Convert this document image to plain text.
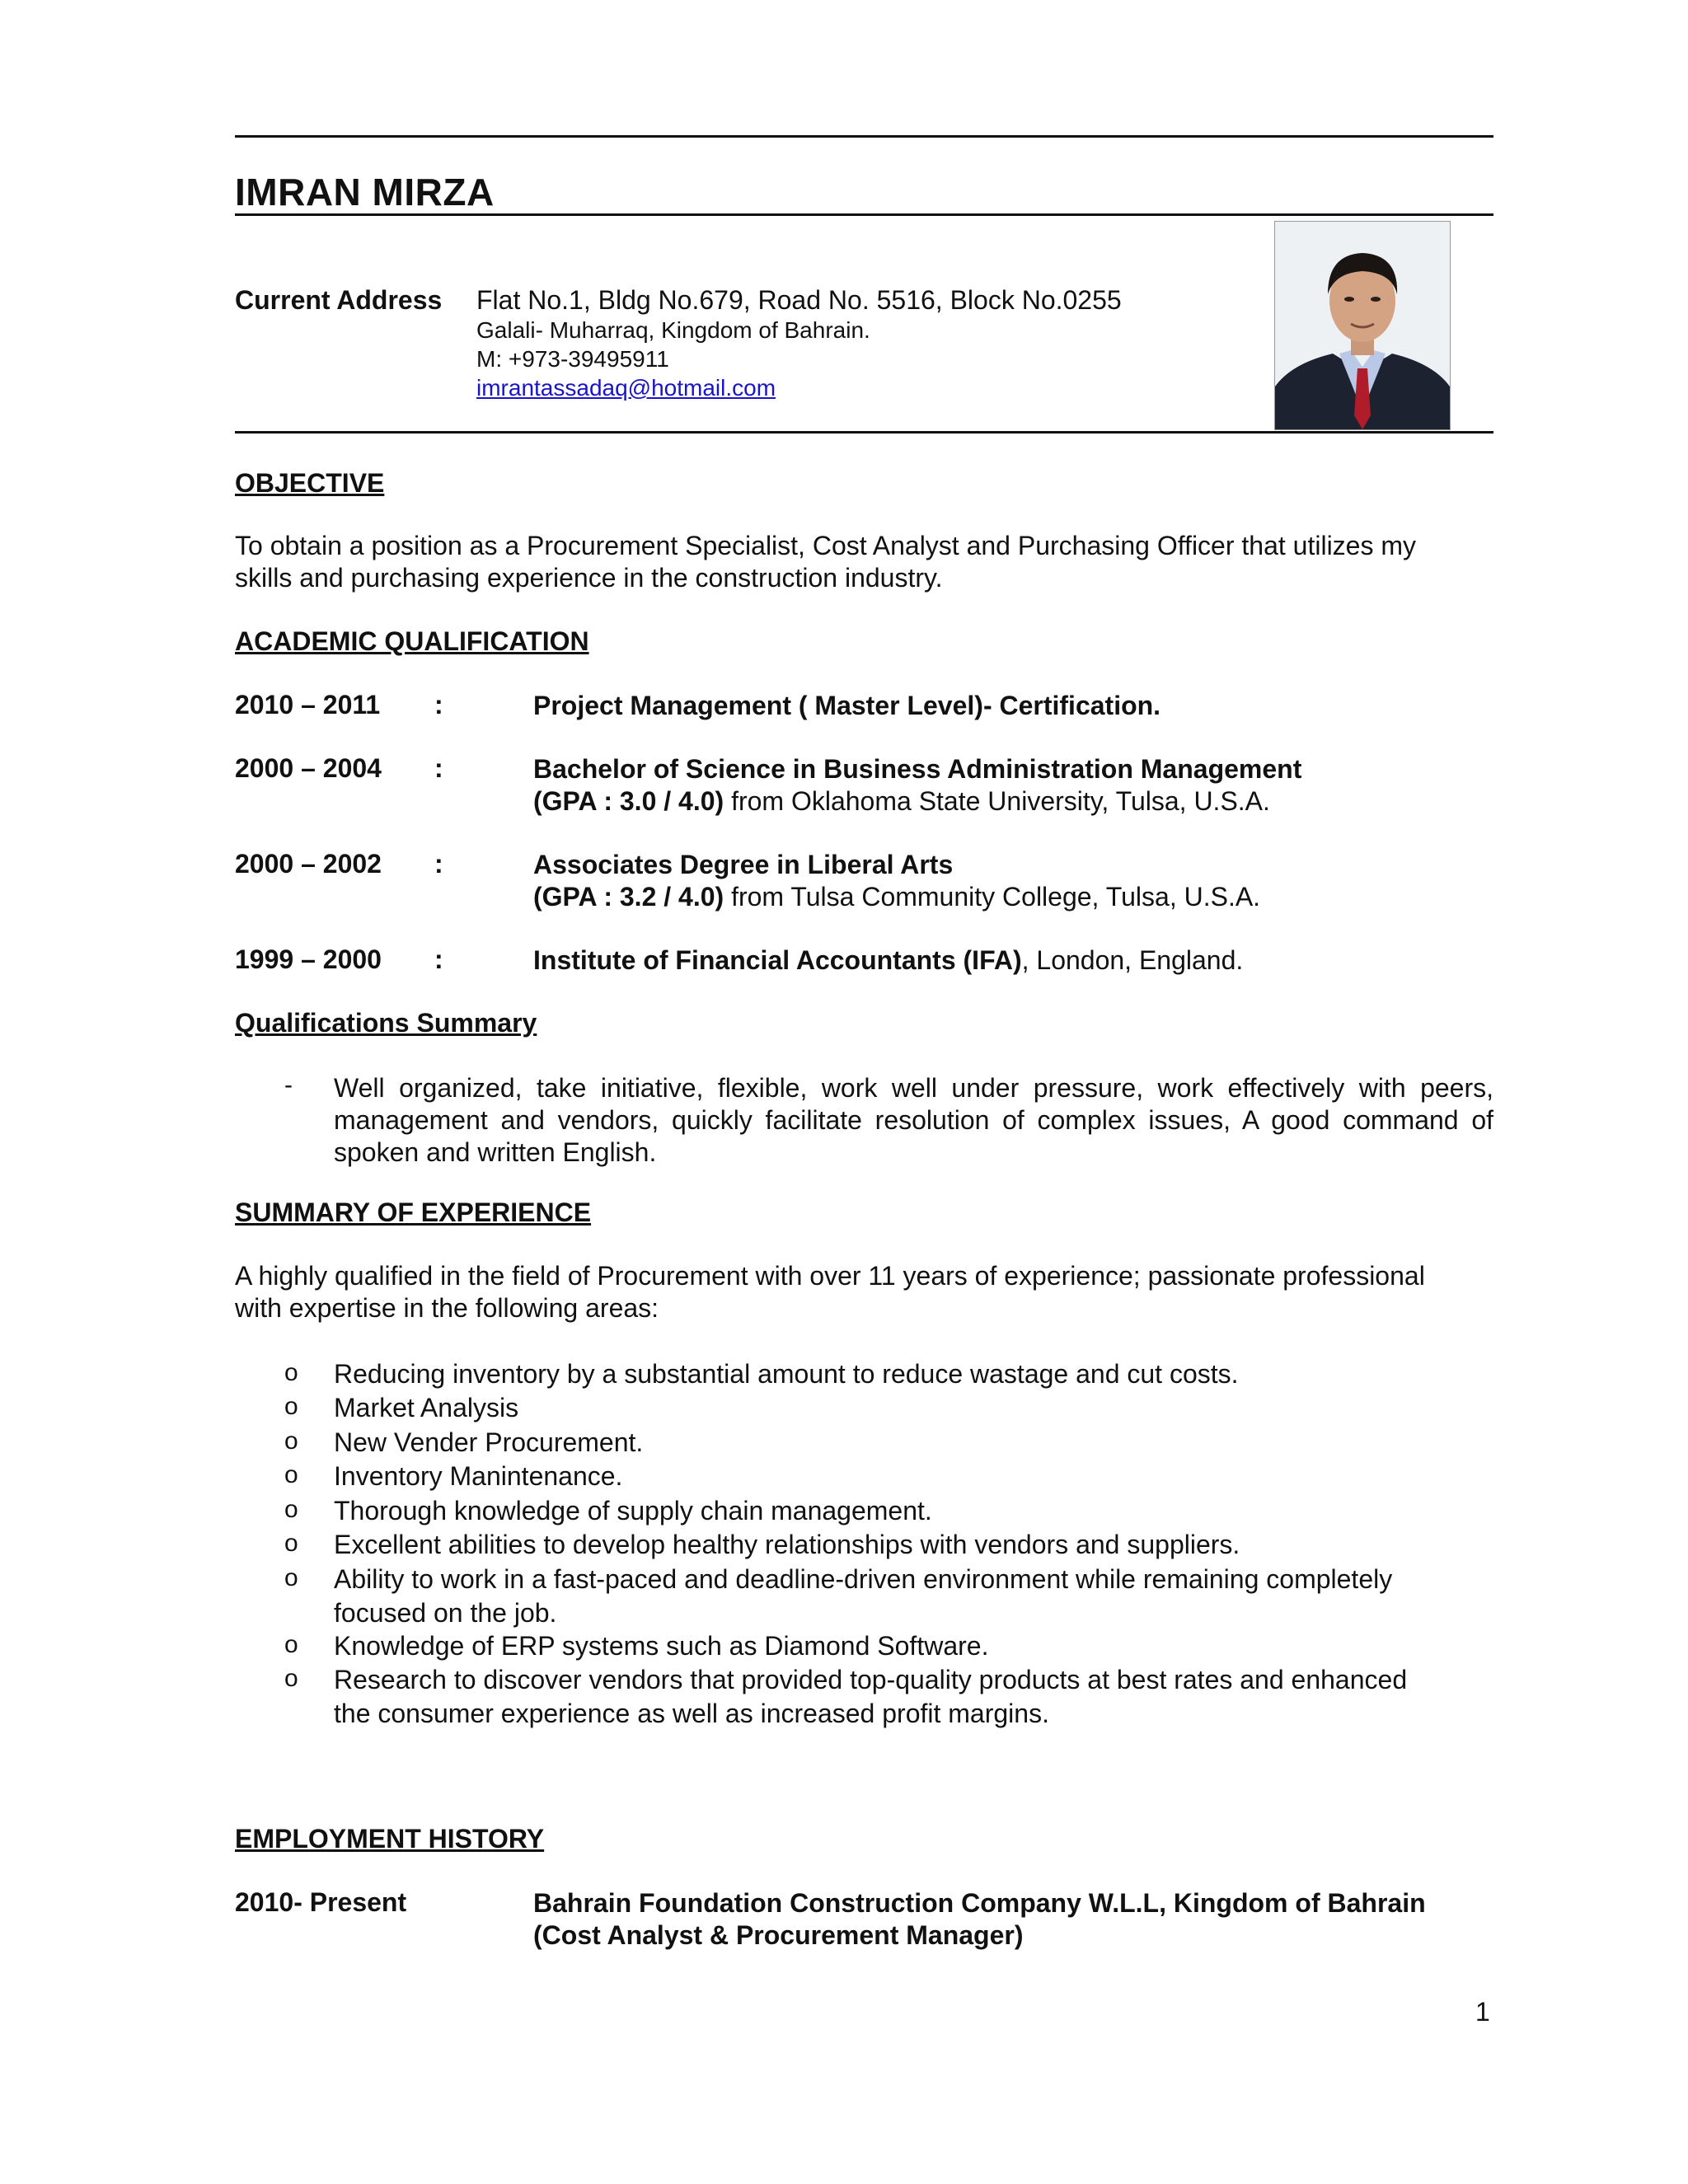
IMRAN MIRZA
Current Address Flat No.1, Bldg No.679, Road No. 5516, Block No.0255
Galali- Muharraq, Kingdom of Bahrain.
M: +973-39495911
imrantassadaq@hotmail.com
OBJECTIVE
To obtain a position as a Procurement Specialist, Cost Analyst and Purchasing Officer that utilizes my
skills and purchasing experience in the construction industry.
ACADEMIC QUALIFICATION
2010 – 2011 :	Project Management ( Master Level)- Certification.
2000 – 2004 :	Bachelor of Science in Business Administration Management
(GPA : 3.0 / 4.0) from Oklahoma State University, Tulsa, U.S.A.
2000 – 2002 :	Associates Degree in Liberal Arts
(GPA : 3.2 / 4.0) from Tulsa Community College, Tulsa, U.S.A.
1999 – 2000 :	Institute of Financial Accountants (IFA), London, England.
Qualifications Summary
- Well organized, take initiative, flexible, work well under pressure, work effectively with peers,
management and vendors, quickly facilitate resolution of complex issues, A good command of
spoken and written English.
SUMMARY OF EXPERIENCE
A highly qualified in the field of Procurement with over 11 years of experience; passionate professional
with expertise in the following areas:
o Reducing inventory by a substantial amount to reduce wastage and cut costs.
o Market Analysis
o New Vender Procurement.
o Inventory Manintenance.
o Thorough knowledge of supply chain management.
o Excellent abilities to develop healthy relationships with vendors and suppliers.
o Ability to work in a fast-paced and deadline-driven environment while remaining completely
focused on the job.
o Knowledge of ERP systems such as Diamond Software.
o Research to discover vendors that provided top-quality products at best rates and enhanced
the consumer experience as well as increased profit margins.
EMPLOYMENT HISTORY
2010- Present	Bahrain Foundation Construction Company W.L.L, Kingdom of Bahrain
(Cost Analyst & Procurement Manager)
1
